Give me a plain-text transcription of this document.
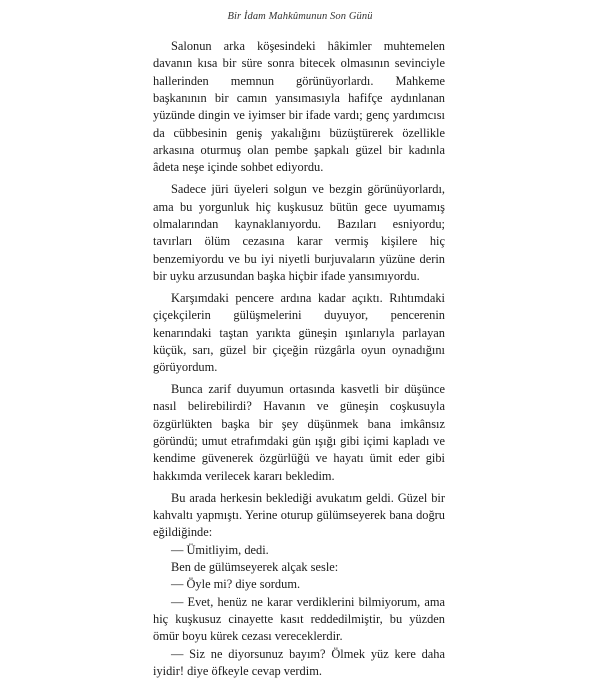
Bir İdam Mahkûmunun Son Günü

Salonun arka köşesindeki hâkimler muhtemelen davanın kısa bir süre sonra bitecek olmasının sevinciyle hallerinden memnun görünüyorlardı. Mahkeme başkanının bir camın yansımasıyla hafifçe aydınlanan yüzünde dingin ve iyimser bir ifade vardı; genç yardımcısı da cübbesinin geniş yakalığını büzüştürerek özellikle arkasına oturmuş olan pembe şapkalı güzel bir kadınla âdeta neşe içinde sohbet ediyordu.

Sadece jüri üyeleri solgun ve bezgin görünüyorlardı, ama bu yorgunluk hiç kuşkusuz bütün gece uyumamış olmalarından kaynaklanıyordu. Bazıları esniyordu; tavırları ölüm cezasına karar vermiş kişilere hiç benzemiyordu ve bu iyi niyetli burjuvaların yüzüne derin bir uyku arzusundan başka hiçbir ifade yansımıyordu.

Karşımdaki pencere ardına kadar açıktı. Rıhtımdaki çiçekçilerin gülüşmelerini duyuyor, pencerenin kenarındaki taştan yarıkta güneşin ışınlarıyla parlayan küçük, sarı, güzel bir çiçeğin rüzgârla oyun oynadığını görüyordum.

Bunca zarif duyumun ortasında kasvetli bir düşünce nasıl belirebilirdi? Havanın ve güneşin coşkusuyla özgürlükten başka bir şey düşünmek bana imkânsız göründü; umut etrafımdaki gün ışığı gibi içimi kapladı ve kendime güvenerek özgürlüğü ve hayatı ümit eder gibi hakkımda verilecek kararı bekledim.

Bu arada herkesin beklediği avukatım geldi. Güzel bir kahvaltı yapmıştı. Yerine oturup gülümseyerek bana doğru eğildiğinde:

— Ümitliyim, dedi.

Ben de gülümseyerek alçak sesle:

— Öyle mi? diye sordum.

— Evet, henüz ne karar verdiklerini bilmiyorum, ama hiç kuşkusuz cinayette kasıt reddedilmiştir, bu yüzden ömür boyu kürek cezası vereceklerdir.

— Siz ne diyorsunuz bayım? Ölmek yüz kere daha iyidir! diye öfkeyle cevap verdim.
